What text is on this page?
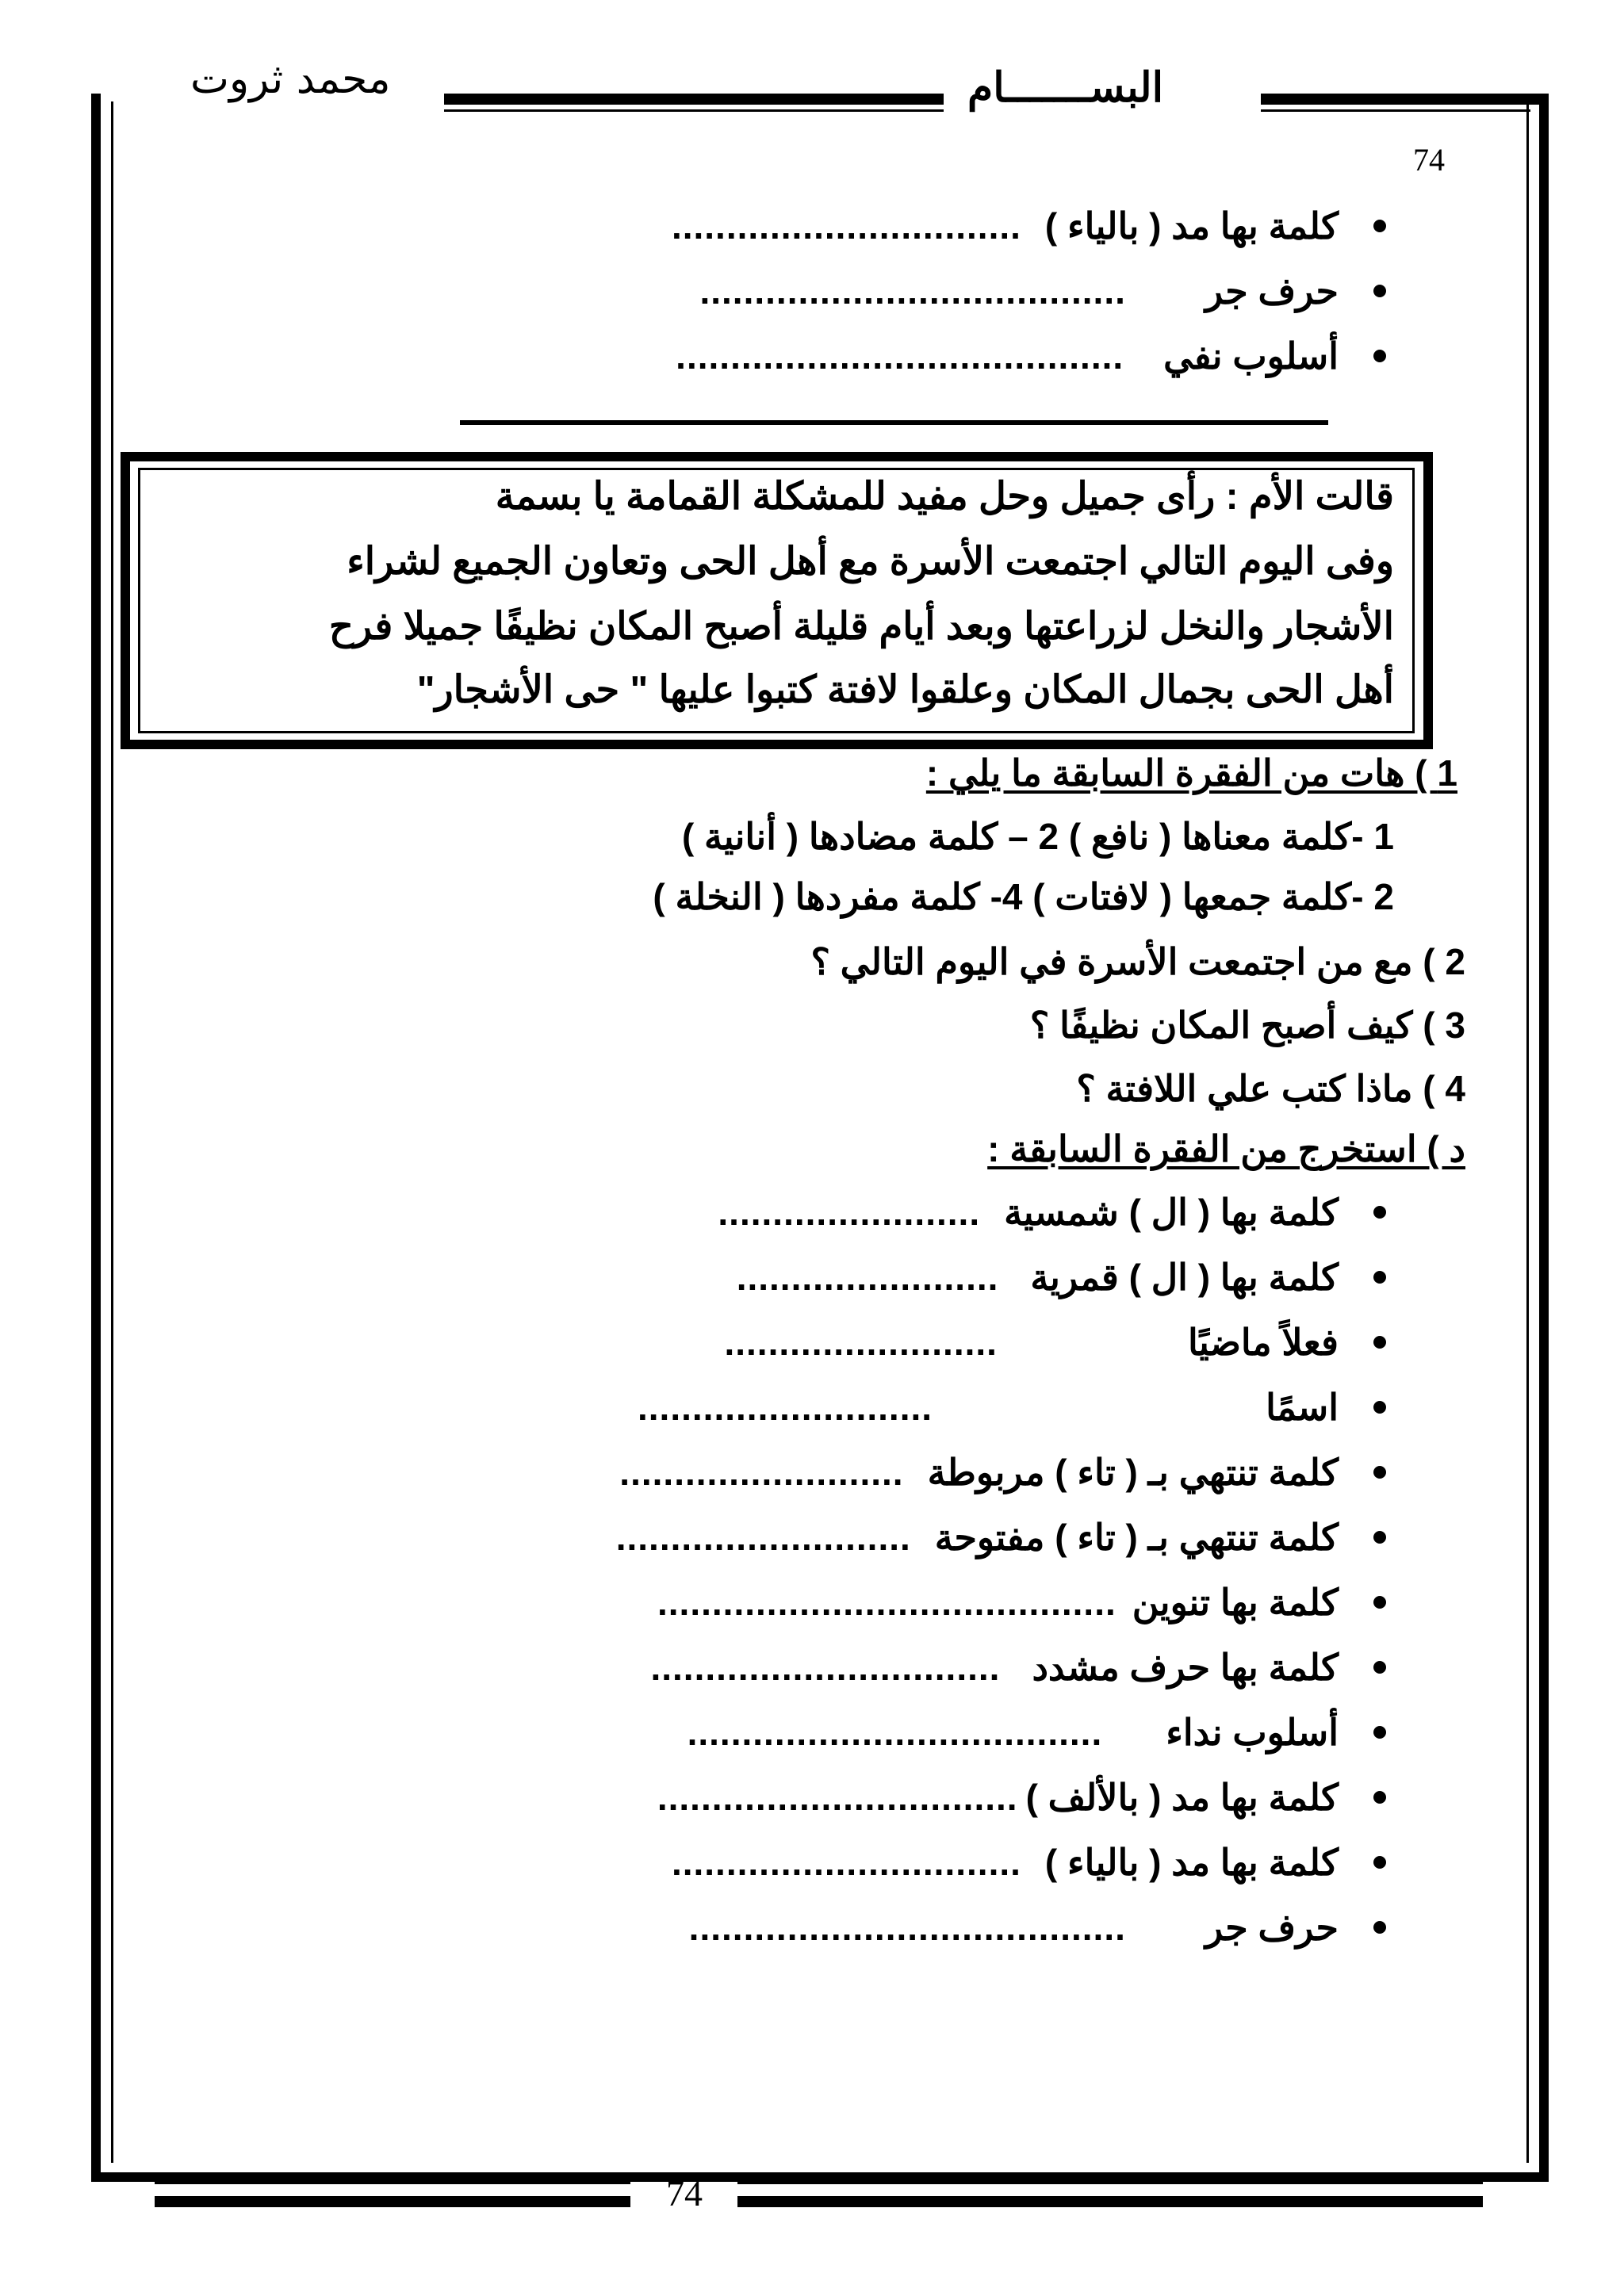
محمد ثروت	البســـــــام
74
كلمة بها مد ( بالياء )
................................
حرف جر
.......................................
أسلوب نفي
.........................................
قالت الأم : رأى جميل وحل مفيد للمشكلة القمامة يا بسمة
وفى اليوم التالي اجتمعت الأسرة مع أهل الحى وتعاون الجميع لشراء
الأشجار والنخل لزراعتها وبعد أيام قليلة أصبح المكان نظيفًا جميلا فرح
أهل الحى بجمال المكان وعلقوا لافتة كتبوا عليها " حى الأشجار"
1 ) هات من الفقرة السابقة ما يلي :
1 -كلمة معناها ( نافع ) 2 – كلمة مضادها ( أنانية )
2 -كلمة جمعها ( لافتات ) 4- كلمة مفردها ( النخلة )
2 ) مع من اجتمعت الأسرة في اليوم التالي ؟
3 ) كيف أصبح المكان نظيفًا ؟
4 ) ماذا كتب علي اللافتة ؟
د ) استخرج من الفقرة السابقة :
كلمة بها ( ال ) شمسية
........................
كلمة بها ( ال ) قمرية
........................
فعلاً ماضيًا
.........................
اسمًا
...........................
كلمة تنتهي بـ ( تاء ) مربوطة
..........................
كلمة تنتهي بـ ( تاء ) مفتوحة
...........................
كلمة بها تنوين
..........................................
كلمة بها حرف مشدد
................................
أسلوب نداء
......................................
كلمة بها مد ( بالألف )
.................................
كلمة بها مد ( بالياء )
................................
حرف جر
........................................
74
